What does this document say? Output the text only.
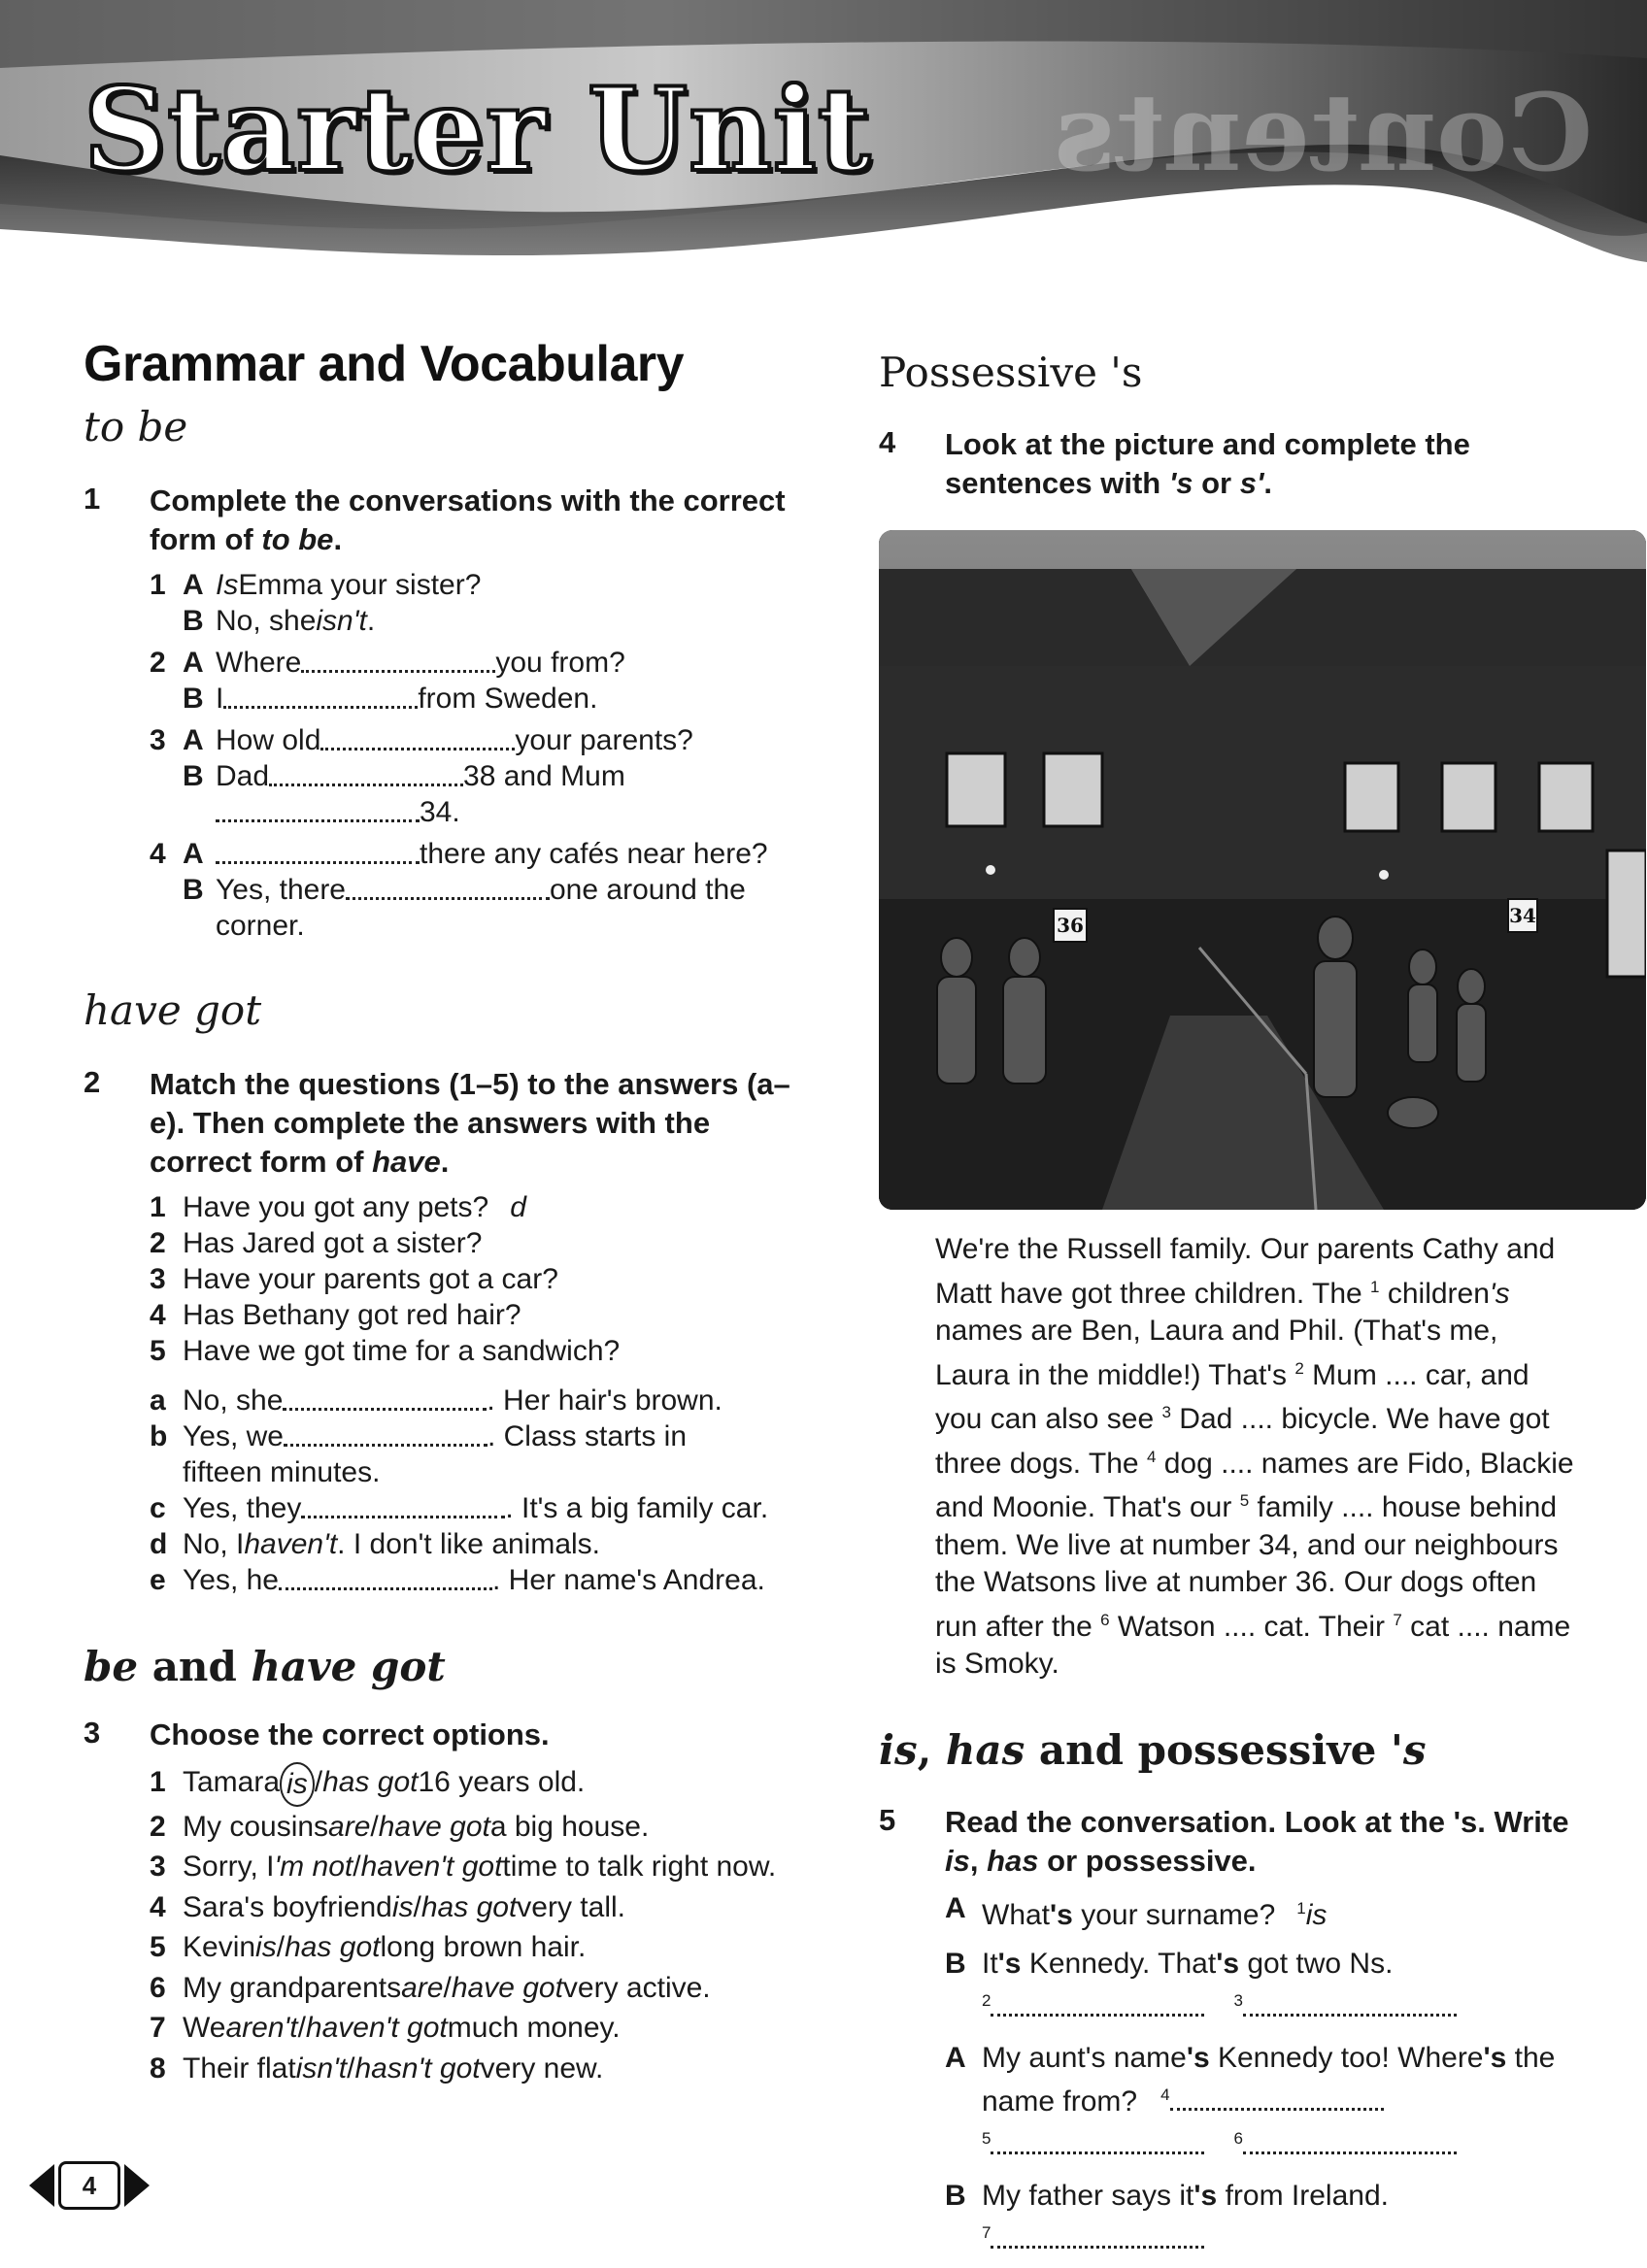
Contents
Starter Unit
Grammar and Vocabulary
to be
1	Complete the conversations with the correct form of to be.
1 A Is Emma your sister?
B No, she isn't .
2 A Where	you from?
B I	from Sweden.
3 A How old	your parents?
B Dad	38 and Mum
34.
4 A	there any cafés near here?
B Yes, there	one around the
corner.
have got
2	Match the questions (1–5) to the answers (a–e). Then complete the answers with the correct form of have.
1 Have you got any pets? d
2 Has Jared got a sister?
3 Have your parents got a car?
4 Has Bethany got red hair?
5 Have we got time for a sandwich?
a No, she	. Her hair's brown.
b Yes, we	. Class starts in
fifteen minutes.
c Yes, they	. It's a big family car.
d No, I haven't . I don't like animals.
e Yes, he	. Her name's Andrea.
be and have got
3	Choose the correct options.
1 Tamara is / has got 16 years old.
2 My cousins are / have got a big house.
3 Sorry, I 'm not / haven't got time to talk right now.
4 Sara's boyfriend is / has got very tall.
5 Kevin is / has got long brown hair.
6 My grandparents are / have got very active.
7 We aren't / haven't got much money.
8 Their flat isn't / hasn't got very new.
Possessive 's
4	Look at the picture and complete the sentences with 's or s'.
36	34

We're the Russell family. Our parents Cathy and Matt have got three children. The $^1$ children's names are Ben, Laura and Phil. (That's me, Laura in the middle!) That's $^2$ Mum .... car, and you can also see $^3$ Dad .... bicycle. We have got three dogs. The $^4$ dog .... names are Fido, Blackie and Moonie. That's our $^5$ family .... house behind them. We live at number 34, and our neighbours the Watsons live at number 36. Our dogs often run after the $^6$ Watson .... cat. Their $^7$ cat .... name is Smoky.

is, has and possessive 's
5	Read the conversation. Look at the 's. Write is, has or possessive.
A What's your surname? $^1$is
B It's Kennedy. That's got two Ns.
$^2$	$^3$
A My aunt's name's Kennedy too! Where's the
name from? $^4$
$^5$	$^6$
B My father says it's from Ireland.
$^7$
4
